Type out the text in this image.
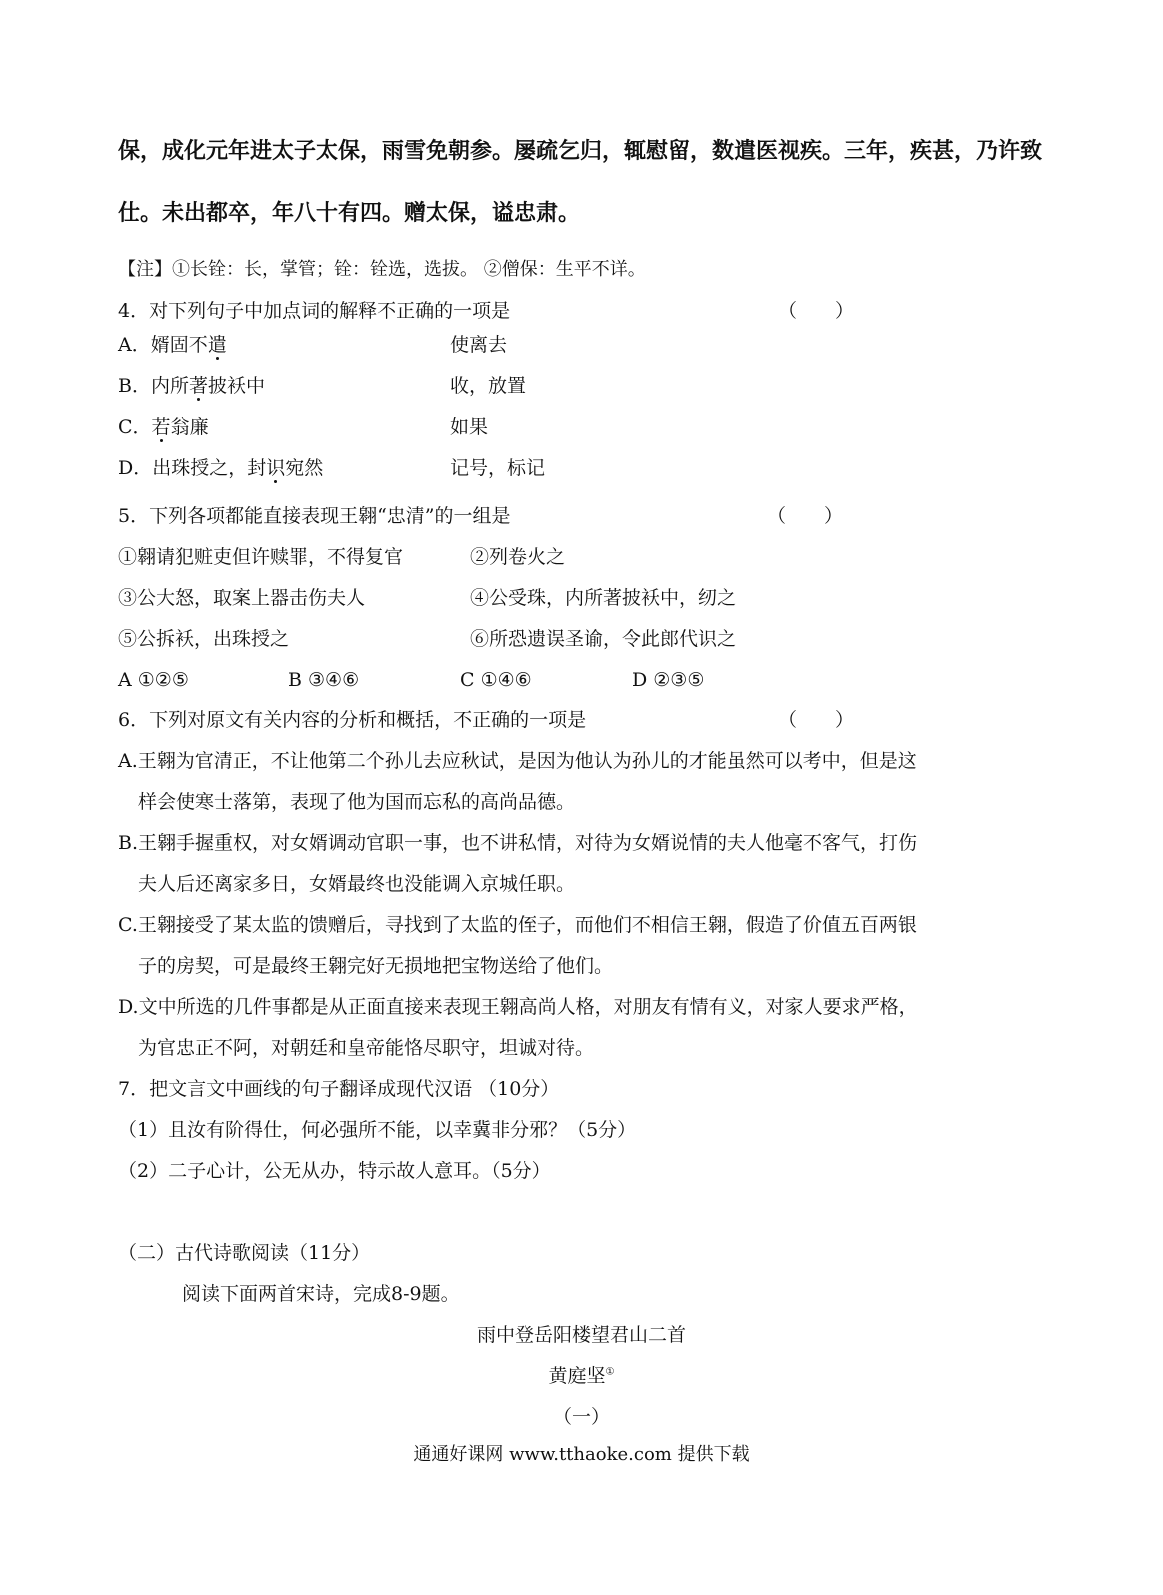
保，成化元年进太子太保，雨雪免朝参。屡疏乞归，辄慰留，数遣医视疾。三年，疾甚，乃许致
仕。未出都卒，年八十有四。赠太保，谥忠肃。
【注】①长铨：长，掌管；铨：铨选，选拔。 ②僧保：生平不详。
4．对下列句子中加点词的解释不正确的一项是	（　　）
A．婿固不遣	使离去
B．内所著披袄中	收，放置
C．若翁廉	如果
D．出珠授之，封识宛然	记号，标记
5．下列各项都能直接表现王翱“忠清”的一组是	（　　）
①翱请犯赃吏但许赎罪，不得复官	②列卷火之
③公大怒，取案上器击伤夫人	④公受珠，内所著披袄中，纫之
⑤公拆袄，出珠授之	⑥所恐遗误圣谕，令此郎代识之
A ①②⑤	B ③④⑥	C ①④⑥	D ②③⑤
6．下列对原文有关内容的分析和概括，不正确的一项是	（　　）
A.王翱为官清正，不让他第二个孙儿去应秋试，是因为他认为孙儿的才能虽然可以考中，但是这
样会使寒士落第，表现了他为国而忘私的高尚品德。
B.王翱手握重权，对女婿调动官职一事，也不讲私情，对待为女婿说情的夫人他毫不客气，打伤
夫人后还离家多日，女婿最终也没能调入京城任职。
C.王翱接受了某太监的馈赠后，寻找到了太监的侄子，而他们不相信王翱，假造了价值五百两银
子的房契，可是最终王翱完好无损地把宝物送给了他们。
D.文中所选的几件事都是从正面直接来表现王翱高尚人格，对朋友有情有义，对家人要求严格，
为官忠正不阿，对朝廷和皇帝能恪尽职守，坦诚对待。
7．把文言文中画线的句子翻译成现代汉语 （10分）
（1）且汝有阶得仕，何必强所不能，以幸冀非分邪？（5分）
（2）二子心计，公无从办，特示故人意耳。（5分）
（二）古代诗歌阅读（11分）
阅读下面两首宋诗，完成8-9题。
雨中登岳阳楼望君山二首
黄庭坚①
（一）
通通好课网 www.tthaoke.com 提供下载
